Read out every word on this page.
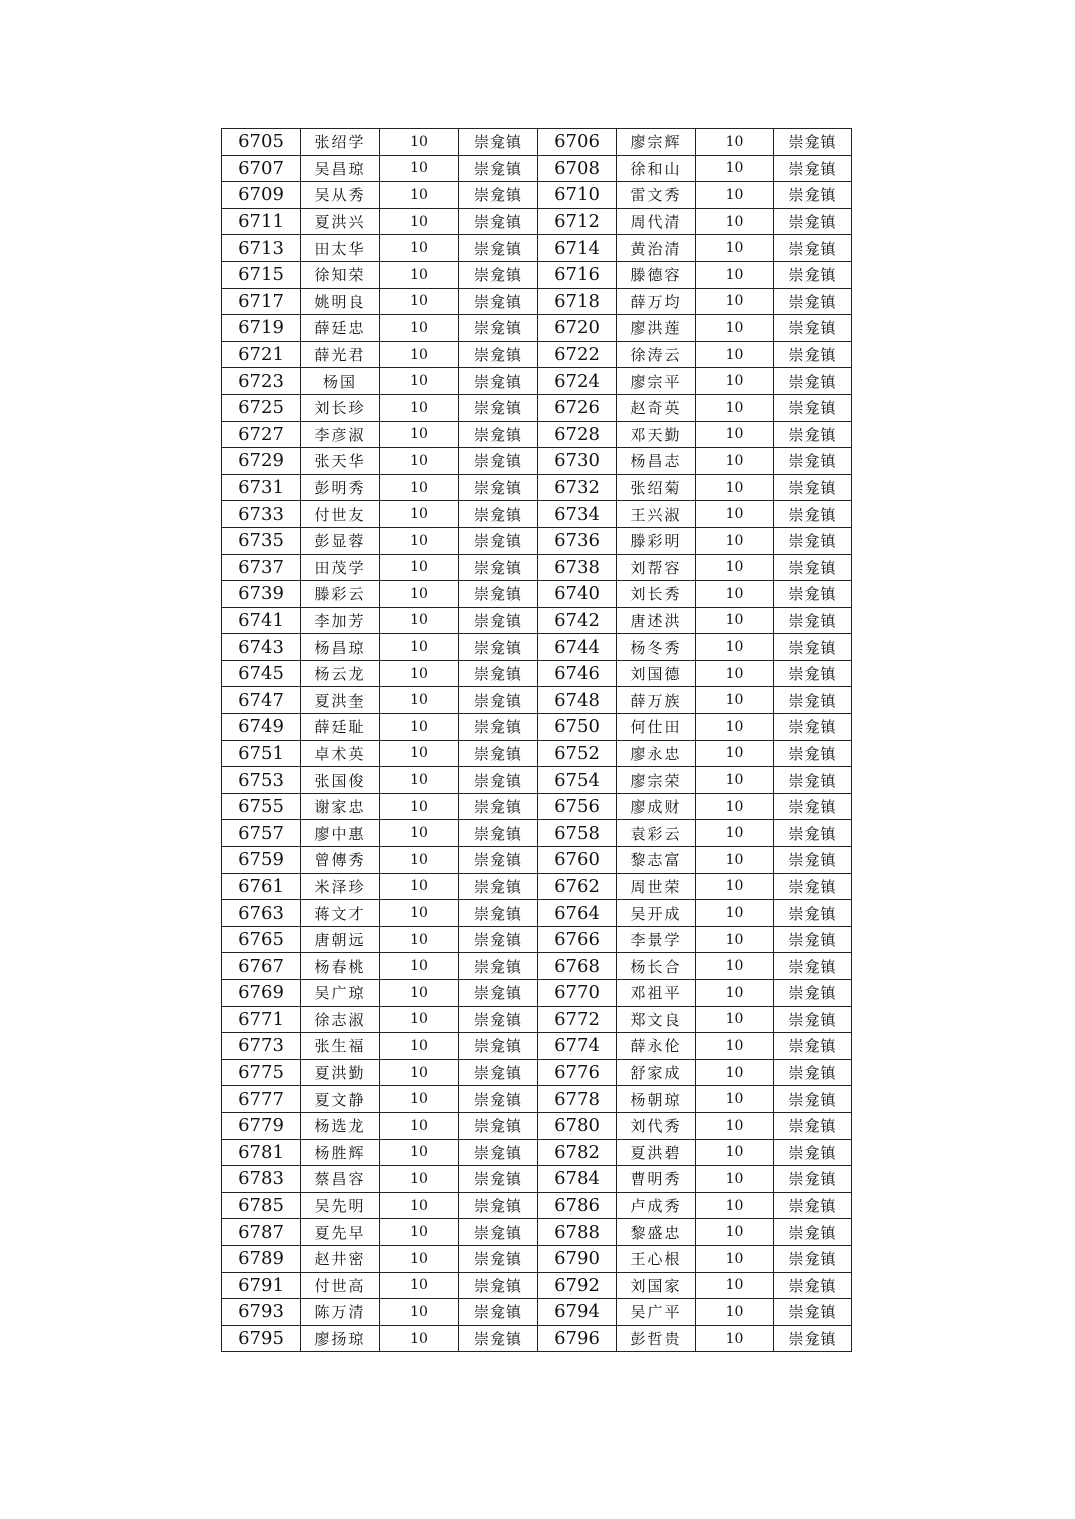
6705	张绍学	10	崇龛镇	6706	廖宗辉	10	崇龛镇
6707	吴昌琼	10	崇龛镇	6708	徐和山	10	崇龛镇
6709	吴从秀	10	崇龛镇	6710	雷文秀	10	崇龛镇
6711	夏洪兴	10	崇龛镇	6712	周代清	10	崇龛镇
6713	田太华	10	崇龛镇	6714	黄治清	10	崇龛镇
6715	徐知荣	10	崇龛镇	6716	滕德容	10	崇龛镇
6717	姚明良	10	崇龛镇	6718	薛万均	10	崇龛镇
6719	薛廷忠	10	崇龛镇	6720	廖洪莲	10	崇龛镇
6721	薛光君	10	崇龛镇	6722	徐涛云	10	崇龛镇
6723	杨国	10	崇龛镇	6724	廖宗平	10	崇龛镇
6725	刘长珍	10	崇龛镇	6726	赵奇英	10	崇龛镇
6727	李彦淑	10	崇龛镇	6728	邓天勤	10	崇龛镇
6729	张天华	10	崇龛镇	6730	杨昌志	10	崇龛镇
6731	彭明秀	10	崇龛镇	6732	张绍菊	10	崇龛镇
6733	付世友	10	崇龛镇	6734	王兴淑	10	崇龛镇
6735	彭显蓉	10	崇龛镇	6736	滕彩明	10	崇龛镇
6737	田茂学	10	崇龛镇	6738	刘帮容	10	崇龛镇
6739	滕彩云	10	崇龛镇	6740	刘长秀	10	崇龛镇
6741	李加芳	10	崇龛镇	6742	唐述洪	10	崇龛镇
6743	杨昌琼	10	崇龛镇	6744	杨冬秀	10	崇龛镇
6745	杨云龙	10	崇龛镇	6746	刘国德	10	崇龛镇
6747	夏洪奎	10	崇龛镇	6748	薛万族	10	崇龛镇
6749	薛廷耻	10	崇龛镇	6750	何仕田	10	崇龛镇
6751	卓术英	10	崇龛镇	6752	廖永忠	10	崇龛镇
6753	张国俊	10	崇龛镇	6754	廖宗荣	10	崇龛镇
6755	谢家忠	10	崇龛镇	6756	廖成财	10	崇龛镇
6757	廖中惠	10	崇龛镇	6758	袁彩云	10	崇龛镇
6759	曾傳秀	10	崇龛镇	6760	黎志富	10	崇龛镇
6761	米泽珍	10	崇龛镇	6762	周世荣	10	崇龛镇
6763	蒋文才	10	崇龛镇	6764	吴开成	10	崇龛镇
6765	唐朝远	10	崇龛镇	6766	李景学	10	崇龛镇
6767	杨春桃	10	崇龛镇	6768	杨长合	10	崇龛镇
6769	吴广琼	10	崇龛镇	6770	邓祖平	10	崇龛镇
6771	徐志淑	10	崇龛镇	6772	郑文良	10	崇龛镇
6773	张生福	10	崇龛镇	6774	薛永伦	10	崇龛镇
6775	夏洪勤	10	崇龛镇	6776	舒家成	10	崇龛镇
6777	夏文静	10	崇龛镇	6778	杨朝琼	10	崇龛镇
6779	杨选龙	10	崇龛镇	6780	刘代秀	10	崇龛镇
6781	杨胜辉	10	崇龛镇	6782	夏洪碧	10	崇龛镇
6783	蔡昌容	10	崇龛镇	6784	曹明秀	10	崇龛镇
6785	吴先明	10	崇龛镇	6786	卢成秀	10	崇龛镇
6787	夏先早	10	崇龛镇	6788	黎盛忠	10	崇龛镇
6789	赵井密	10	崇龛镇	6790	王心根	10	崇龛镇
6791	付世高	10	崇龛镇	6792	刘国家	10	崇龛镇
6793	陈万清	10	崇龛镇	6794	吴广平	10	崇龛镇
6795	廖扬琼	10	崇龛镇	6796	彭哲贵	10	崇龛镇
